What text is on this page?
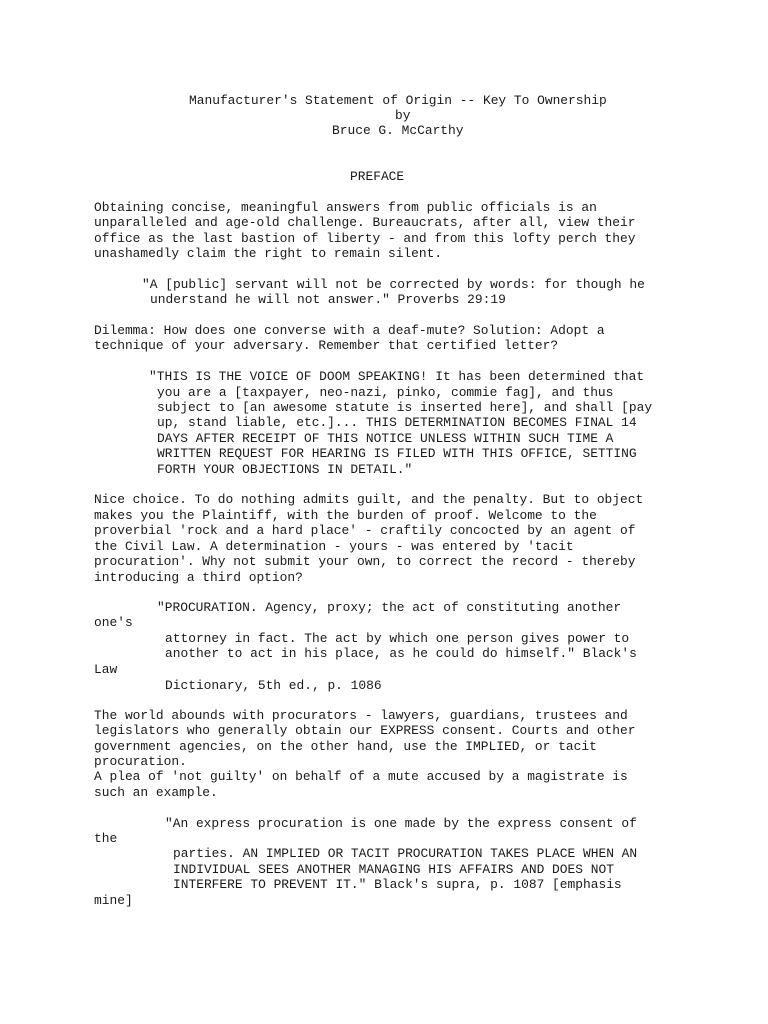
Manufacturer's Statement of Origin -- Key To Ownership
by
Bruce G. McCarthy
PREFACE
Obtaining concise, meaningful answers from public officials is an
unparalleled and age-old challenge. Bureaucrats, after all, view their
office as the last bastion of liberty - and from this lofty perch they
unashamedly claim the right to remain silent.
"A [public] servant will not be corrected by words: for though he
understand he will not answer." Proverbs 29:19
Dilemma: How does one converse with a deaf-mute? Solution: Adopt a
technique of your adversary. Remember that certified letter?
"THIS IS THE VOICE OF DOOM SPEAKING! It has been determined that
you are a [taxpayer, neo-nazi, pinko, commie fag], and thus
subject to [an awesome statute is inserted here], and shall [pay
up, stand liable, etc.]... THIS DETERMINATION BECOMES FINAL 14
DAYS AFTER RECEIPT OF THIS NOTICE UNLESS WITHIN SUCH TIME A
WRITTEN REQUEST FOR HEARING IS FILED WITH THIS OFFICE, SETTING
FORTH YOUR OBJECTIONS IN DETAIL."
Nice choice. To do nothing admits guilt, and the penalty. But to object
makes you the Plaintiff, with the burden of proof. Welcome to the
proverbial 'rock and a hard place' - craftily concocted by an agent of
the Civil Law. A determination - yours - was entered by 'tacit
procuration'. Why not submit your own, to correct the record - thereby
introducing a third option?
"PROCURATION. Agency, proxy; the act of constituting another
one's
attorney in fact. The act by which one person gives power to
another to act in his place, as he could do himself." Black's
Law
Dictionary, 5th ed., p. 1086
The world abounds with procurators - lawyers, guardians, trustees and
legislators who generally obtain our EXPRESS consent. Courts and other
government agencies, on the other hand, use the IMPLIED, or tacit
procuration.
A plea of 'not guilty' on behalf of a mute accused by a magistrate is
such an example.
"An express procuration is one made by the express consent of
the
parties. AN IMPLIED OR TACIT PROCURATION TAKES PLACE WHEN AN
INDIVIDUAL SEES ANOTHER MANAGING HIS AFFAIRS AND DOES NOT
INTERFERE TO PREVENT IT." Black's supra, p. 1087 [emphasis
mine]
